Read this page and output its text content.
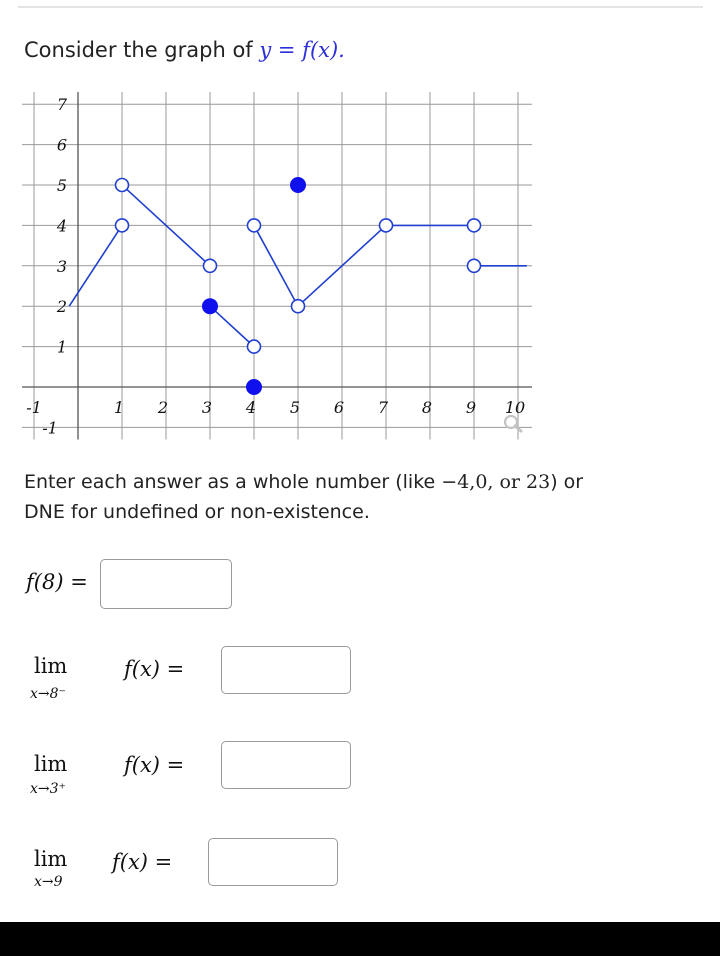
Consider the graph of y = f(x).
-1	1 2 3 4 5 6 7 8 9 10
-1
1
2
3
4
5
6
7
Enter each answer as a whole number (like −4,0, or 23) or
DNE for undefined or non-existence.
f(8) =
lim
x→8⁻
f(x) =
lim
x→3⁺
f(x) =
lim
x→9
f(x) =
